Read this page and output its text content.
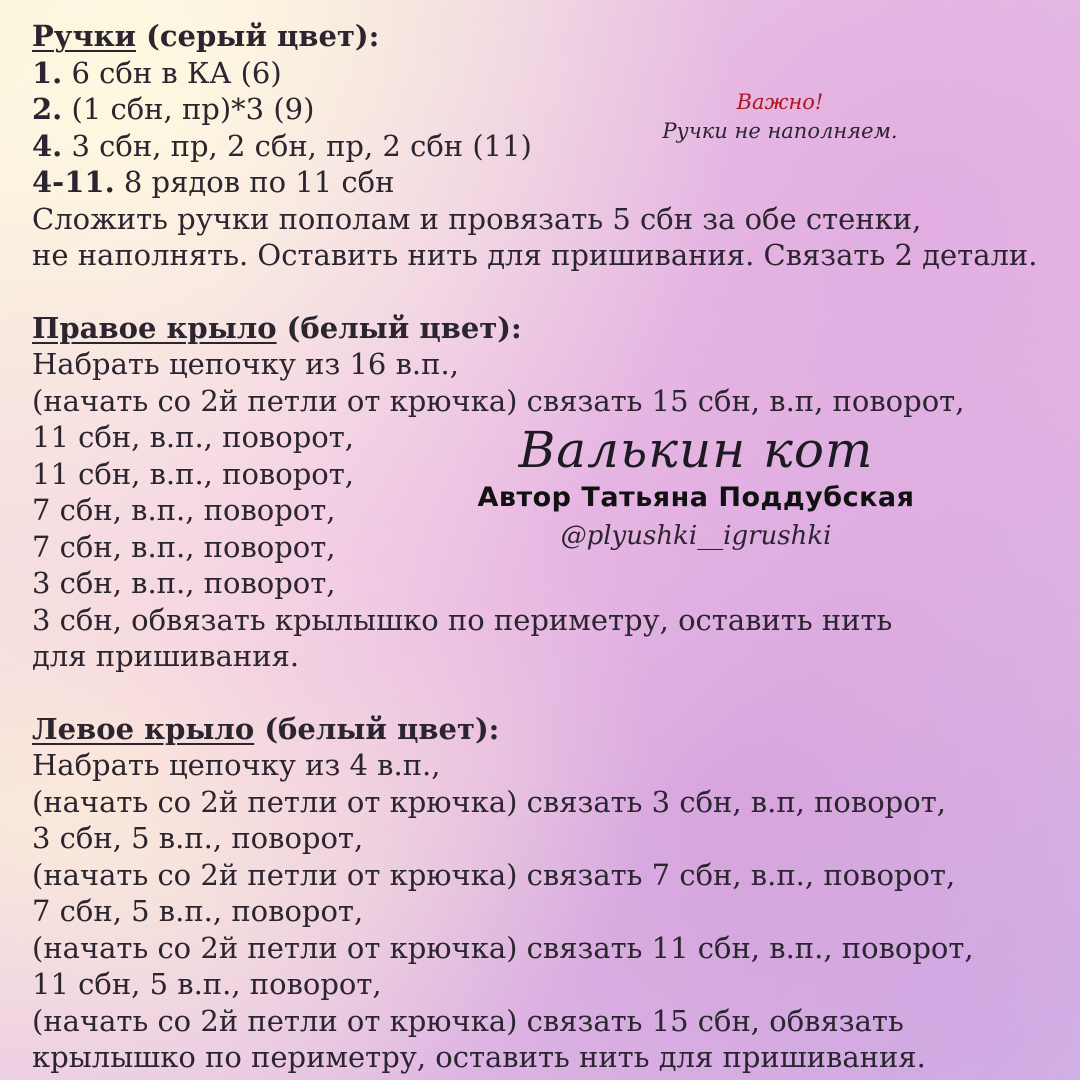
Ручки (серый цвет):
1. 6 сбн в КА (6)
2. (1 сбн, пр)*3 (9)
4. 3 сбн, пр, 2 сбн, пр, 2 сбн (11)
4-11. 8 рядов по 11 сбн
Сложить ручки пополам и провязать 5 сбн за обе стенки,
не наполнять. Оставить нить для пришивания. Связать 2 детали.
Правое крыло (белый цвет):
Набрать цепочку из 16 в.п.,
(начать со 2й петли от крючка) связать 15 сбн, в.п, поворот,
11 сбн, в.п., поворот,
11 сбн, в.п., поворот,
7 сбн, в.п., поворот,
7 сбн, в.п., поворот,
3 сбн, в.п., поворот,
3 сбн, обвязать крылышко по периметру, оставить нить
для пришивания.
Левое крыло (белый цвет):
Набрать цепочку из 4 в.п.,
(начать со 2й петли от крючка) связать 3 сбн, в.п, поворот,
3 сбн, 5 в.п., поворот,
(начать со 2й петли от крючка) связать 7 сбн, в.п., поворот,
7 сбн, 5 в.п., поворот,
(начать со 2й петли от крючка) связать 11 сбн, в.п., поворот,
11 сбн, 5 в.п., поворот,
(начать со 2й петли от крючка) связать 15 сбн, обвязать
крылышко по периметру, оставить нить для пришивания.
Важно!
Ручки не наполняем.
Валькин кот
Автор Татьяна Поддубская
@plyushki__igrushki
